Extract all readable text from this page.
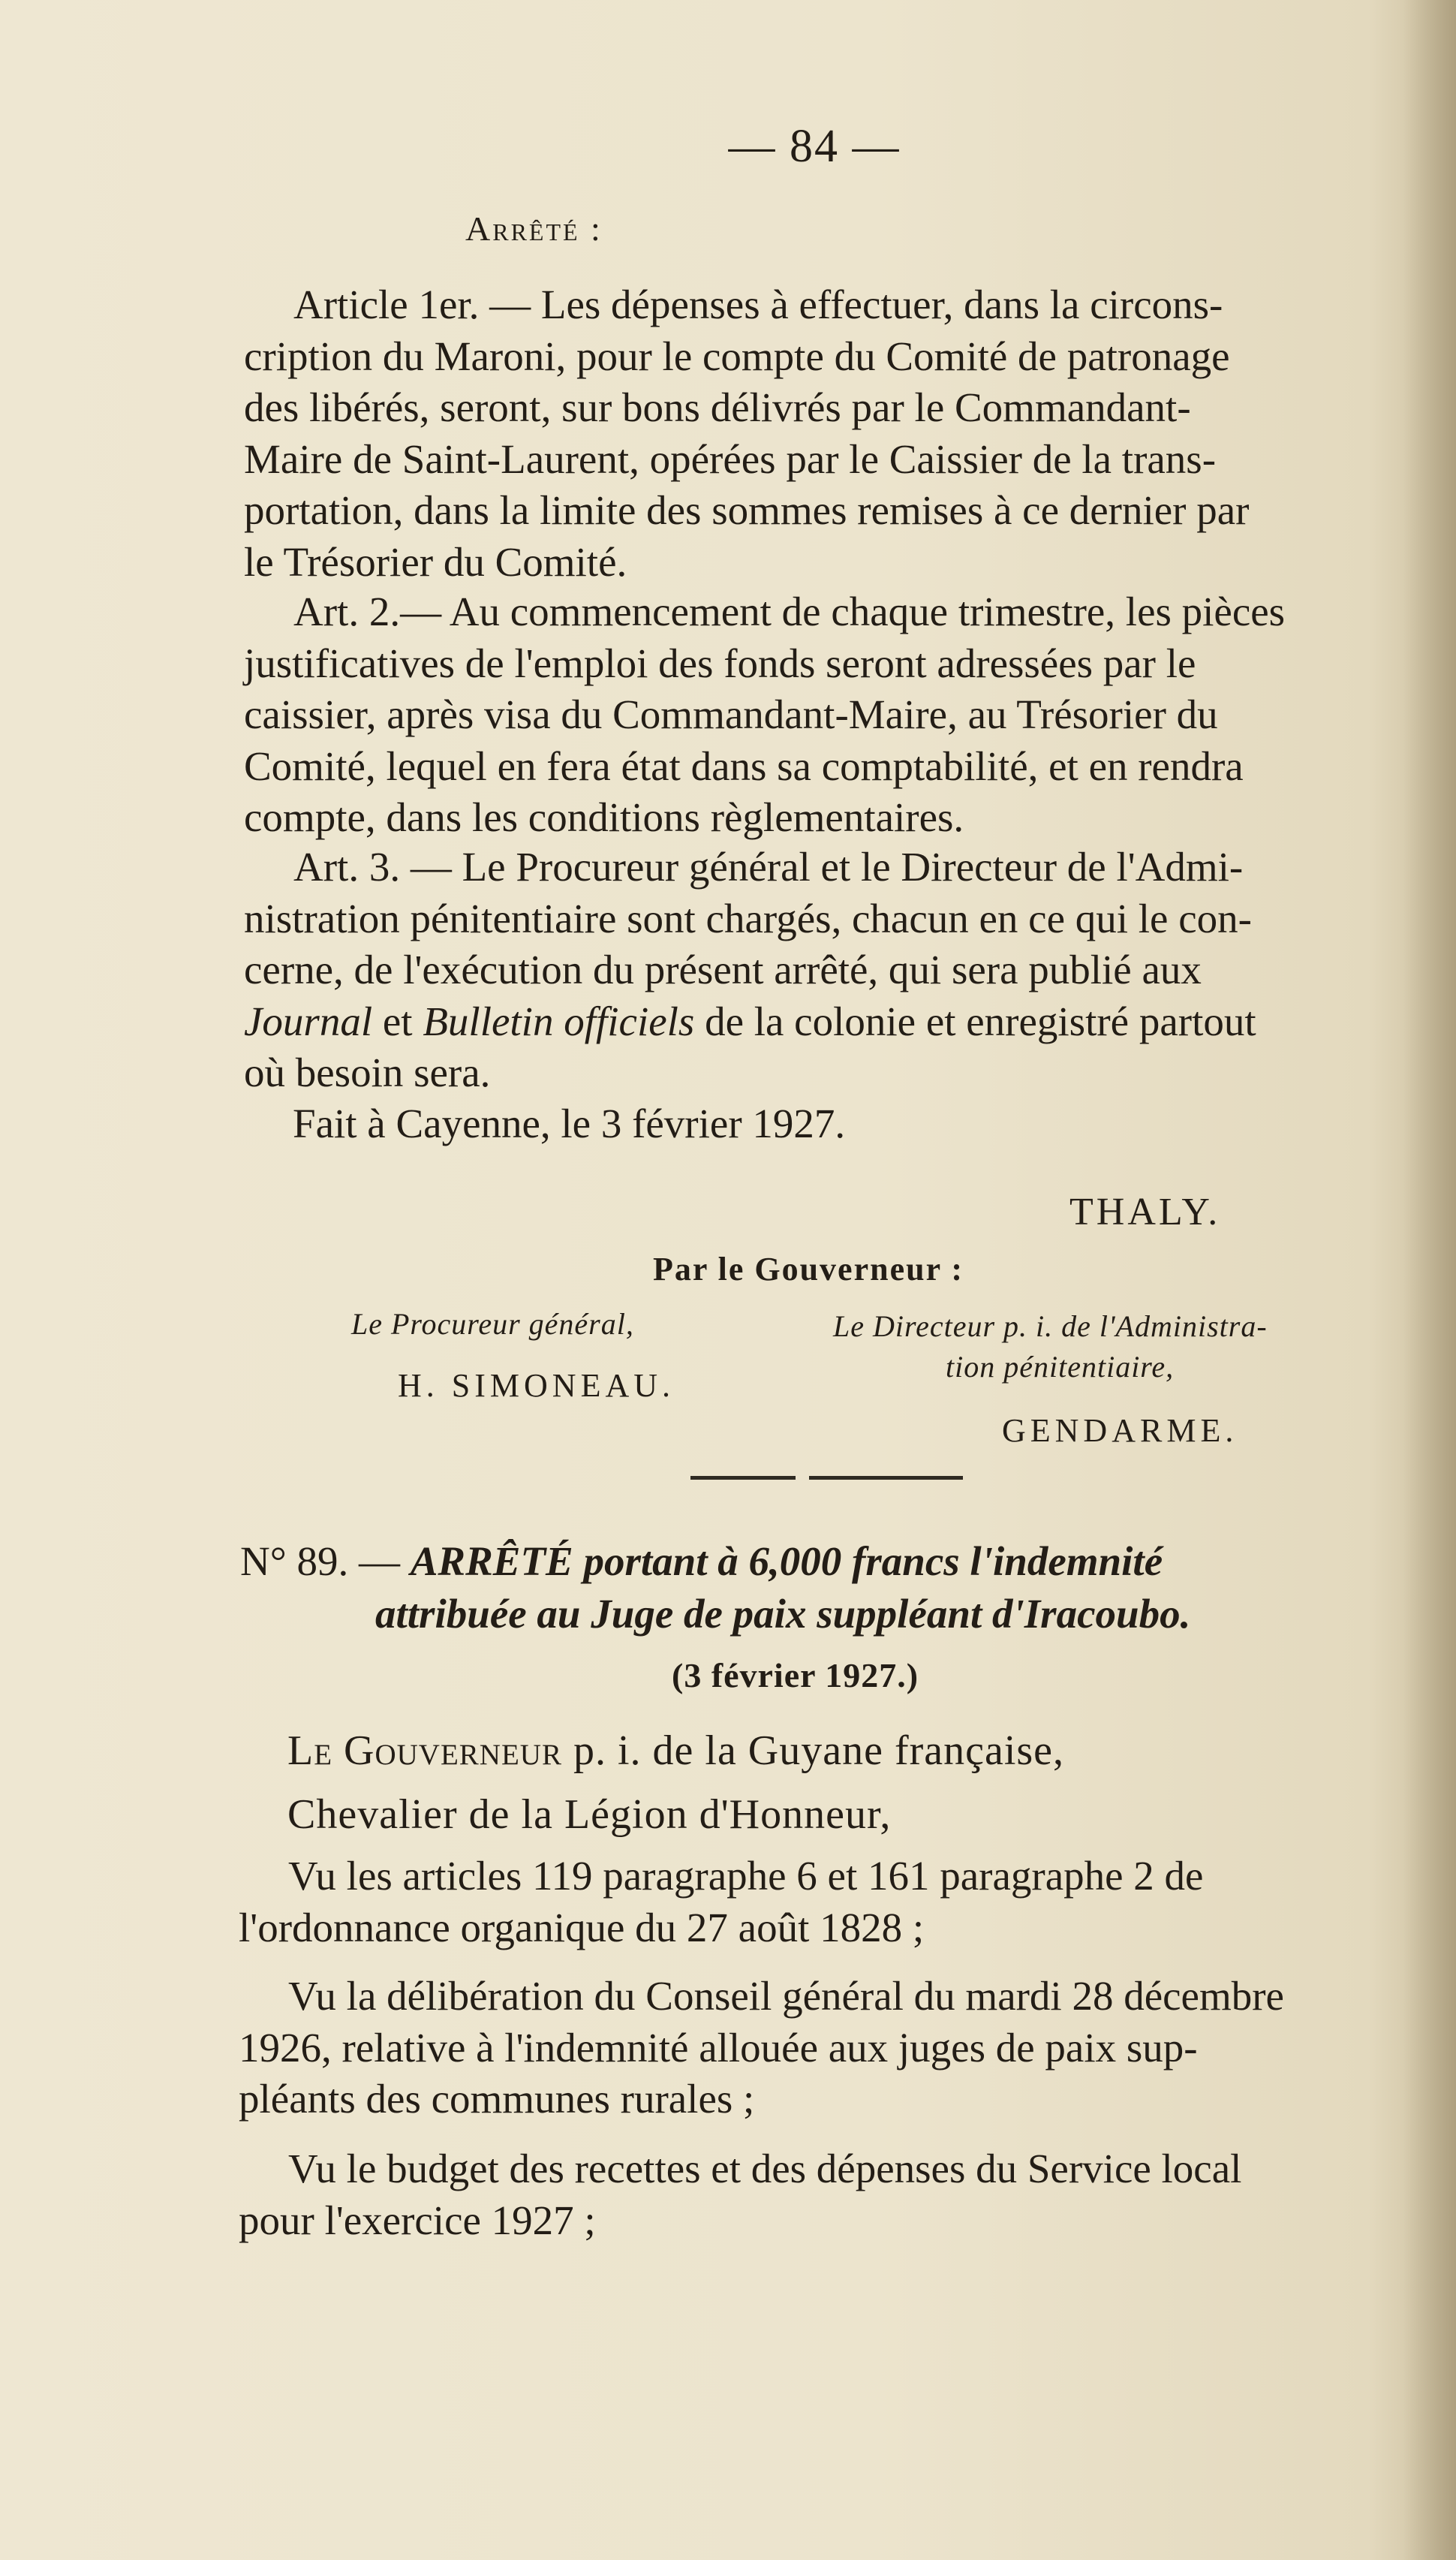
— 84 —
Arrêté :
Article 1er. — Les dépenses à effectuer, dans la circons-
cription du Maroni, pour le compte du Comité de patronage
des libérés, seront, sur bons délivrés par le Commandant-
Maire de Saint-Laurent, opérées par le Caissier de la trans-
portation, dans la limite des sommes remises à ce dernier par
le Trésorier du Comité.
Art. 2.— Au commencement de chaque trimestre, les pièces
justificatives de l'emploi des fonds seront adressées par le
caissier, après visa du Commandant-Maire, au Trésorier du
Comité, lequel en fera état dans sa comptabilité, et en rendra
compte, dans les conditions règlementaires.
Art. 3. — Le Procureur général et le Directeur de l'Admi-
nistration pénitentiaire sont chargés, chacun en ce qui le con-
cerne, de l'exécution du présent arrêté, qui sera publié aux
Journal et Bulletin officiels de la colonie et enregistré partout
où besoin sera.
Fait à Cayenne, le 3 février 1927.
THALY.
Par le Gouverneur :
Le Procureur général,
H. SIMONEAU.
Le Directeur p. i. de l'Administra-
tion pénitentiaire,
GENDARME.
N° 89. — ARRÊTÉ portant à 6,000 francs l'indemnité
attribuée au Juge de paix suppléant d'Iracoubo.
(3 février 1927.)
Le Gouverneur p. i. de la Guyane française,
Chevalier de la Légion d'Honneur,
Vu les articles 119 paragraphe 6 et 161 paragraphe 2 de
l'ordonnance organique du 27 août 1828 ;
Vu la délibération du Conseil général du mardi 28 décembre
1926, relative à l'indemnité allouée aux juges de paix sup-
pléants des communes rurales ;
Vu le budget des recettes et des dépenses du Service local
pour l'exercice 1927 ;
